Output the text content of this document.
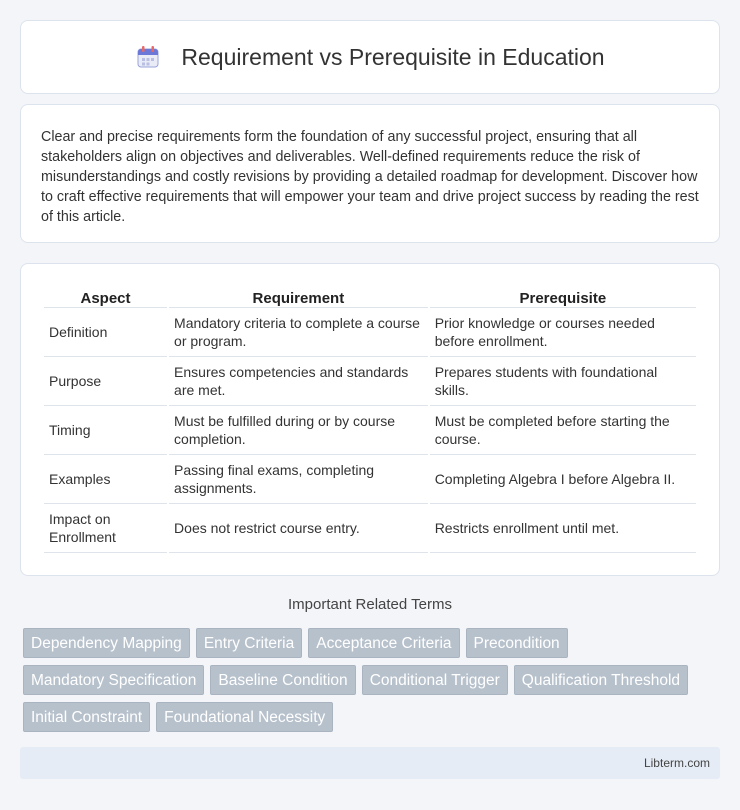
Requirement vs Prerequisite in Education

Clear and precise requirements form the foundation of any successful project, ensuring that all stakeholders align on objectives and deliverables. Well-defined requirements reduce the risk of misunderstandings and costly revisions by providing a detailed roadmap for development. Discover how to craft effective requirements that will empower your team and drive project success by reading the rest of this article.

Aspect	Requirement	Prerequisite
Definition	Mandatory criteria to complete a course or program.	Prior knowledge or courses needed before enrollment.
Purpose	Ensures competencies and standards are met.	Prepares students with foundational skills.
Timing	Must be fulfilled during or by course completion.	Must be completed before starting the course.
Examples	Passing final exams, completing assignments.	Completing Algebra I before Algebra II.
Impact on Enrollment	Does not restrict course entry.	Restricts enrollment until met.
Important Related Terms
Dependency Mapping	Entry Criteria	Acceptance Criteria	Precondition
Mandatory Specification	Baseline Condition	Conditional Trigger	Qualification Threshold
Initial Constraint	Foundational Necessity
Libterm.com
